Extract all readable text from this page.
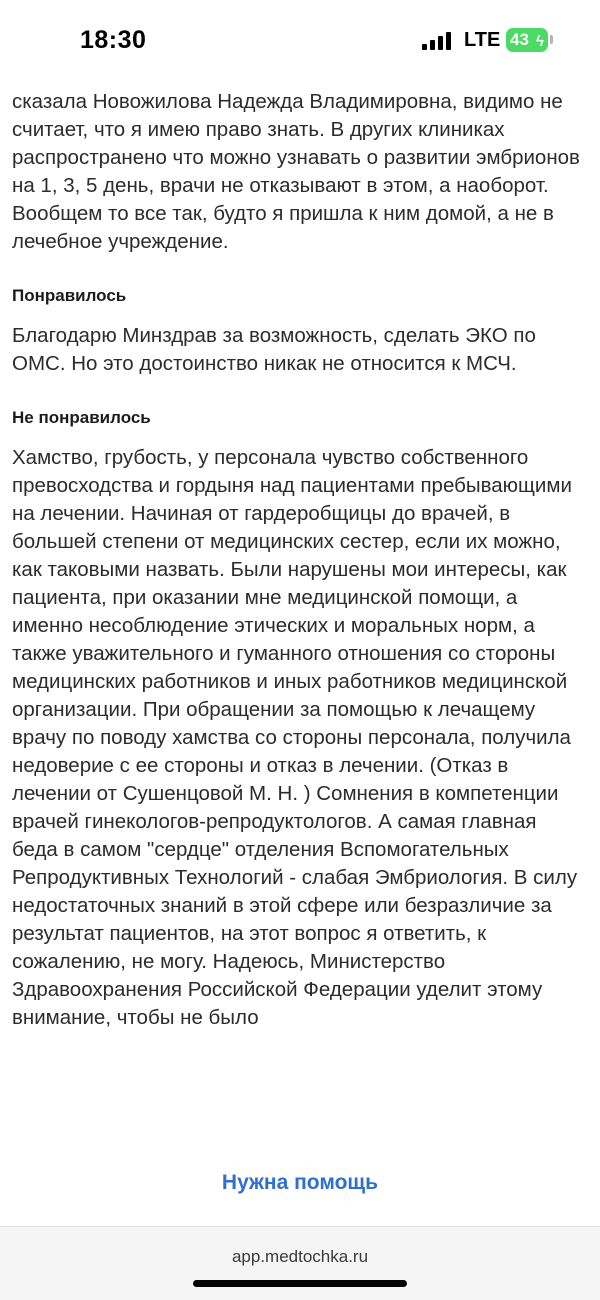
18:30	LTE 43 ϟ

сказала Новожилова Надежда Владимировна, видимо не считает, что я имею право знать. В других клиниках распространено что можно узнавать о развитии эмбрионов на 1, 3, 5 день, врачи не отказывают в этом, а наоборот. Вообщем то все так, будто я пришла к ним домой, а не в лечебное учреждение.

Понравилось

Благодарю Минздрав за возможность, сделать ЭКО по ОМС. Но это достоинство никак не относится к МСЧ.

Не понравилось

Хамство, грубость, у персонала чувство собственного превосходства и гордыня над пациентами пребывающими на лечении. Начиная от гардеробщицы до врачей, в большей степени от медицинских сестер, если их можно, как таковыми назвать. Были нарушены мои интересы, как пациента, при оказании мне медицинской помощи, а именно несоблюдение этических и моральных норм, а также уважительного и гуманного отношения со стороны медицинских работников и иных работников медицинской организации. При обращении за помощью к лечащему врачу по поводу хамства со стороны персонала, получила недоверие с ее стороны и отказ в лечении. (Отказ в лечении от Сушенцовой М. Н. ) Сомнения в компетенции врачей гинекологов-репродуктологов. А самая главная беда в самом "сердце" отделения Вспомогательных Репродуктивных Технологий - слабая Эмбриология. В силу недостаточных знаний в этой сфере или безразличие за результат пациентов, на этот вопрос я ответить, к сожалению, не могу. Надеюсь, Министерство Здравоохранения Российской Федерации уделит этому внимание, чтобы не было

Нужна помощь
app.medtochka.ru
